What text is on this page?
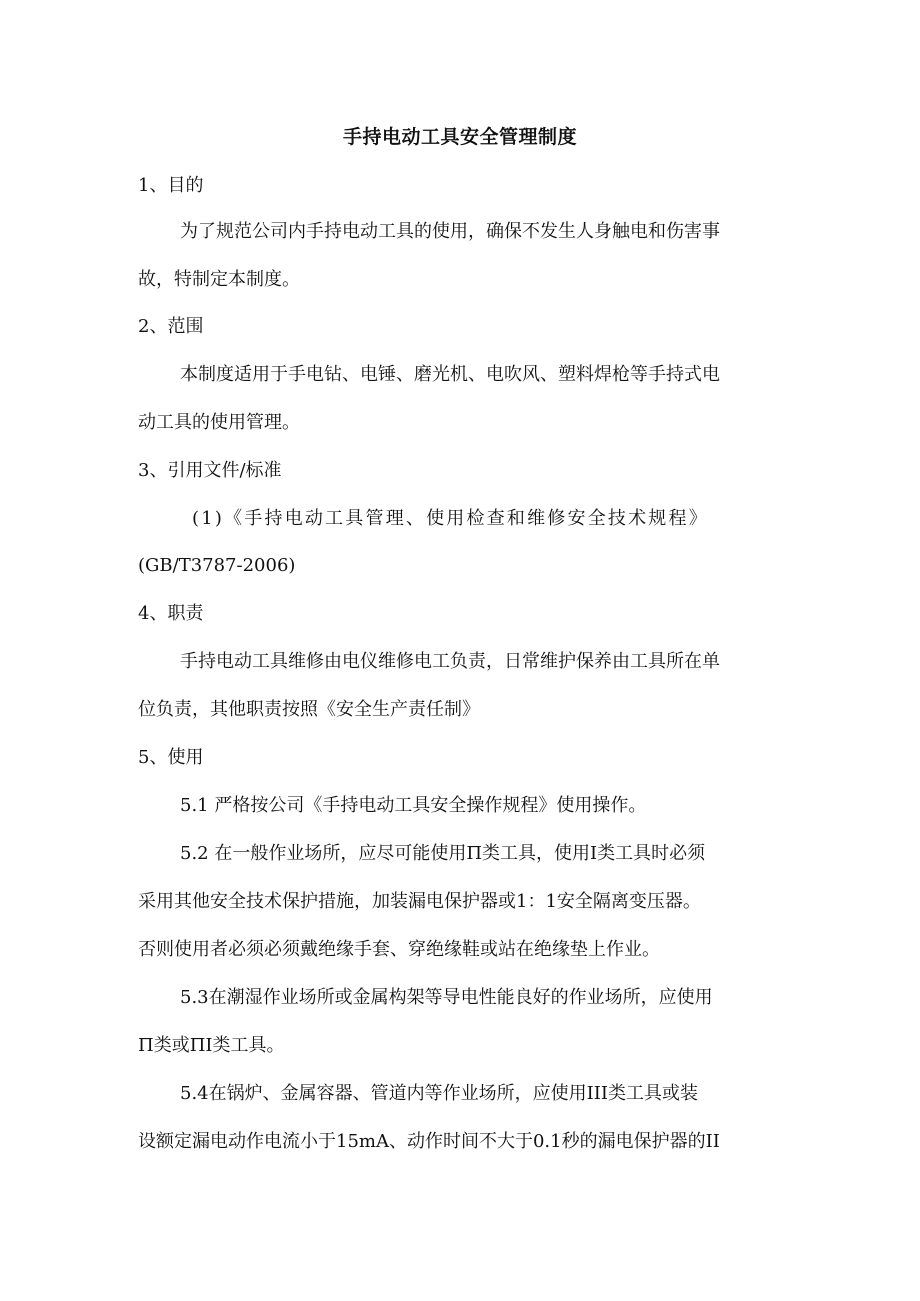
手持电动工具安全管理制度
1、目的
为了规范公司内手持电动工具的使用，确保不发生人身触电和伤害事
故，特制定本制度。
2、范围
本制度适用于手电钻、电锤、磨光机、电吹风、塑料焊枪等手持式电
动工具的使用管理。
3、引用文件/标准
(1)《手持电动工具管理、使用检查和维修安全技术规程》
(GB/T3787-2006)
4、职责
手持电动工具维修由电仪维修电工负责，日常维护保养由工具所在单
位负责，其他职责按照《安全生产责任制》
5、使用
5.1 严格按公司《手持电动工具安全操作规程》使用操作。
5.2 在一般作业场所，应尽可能使用Π类工具，使用Ⅰ类工具时必须
采用其他安全技术保护措施，加装漏电保护器或1：1安全隔离变压器。
否则使用者必须必须戴绝缘手套、穿绝缘鞋或站在绝缘垫上作业。
5.3在潮湿作业场所或金属构架等导电性能良好的作业场所，应使用
Π类或ΠⅠ类工具。
5.4在锅炉、金属容器、管道内等作业场所，应使用III类工具或装
设额定漏电动作电流小于15mA、动作时间不大于0.1秒的漏电保护器的II
